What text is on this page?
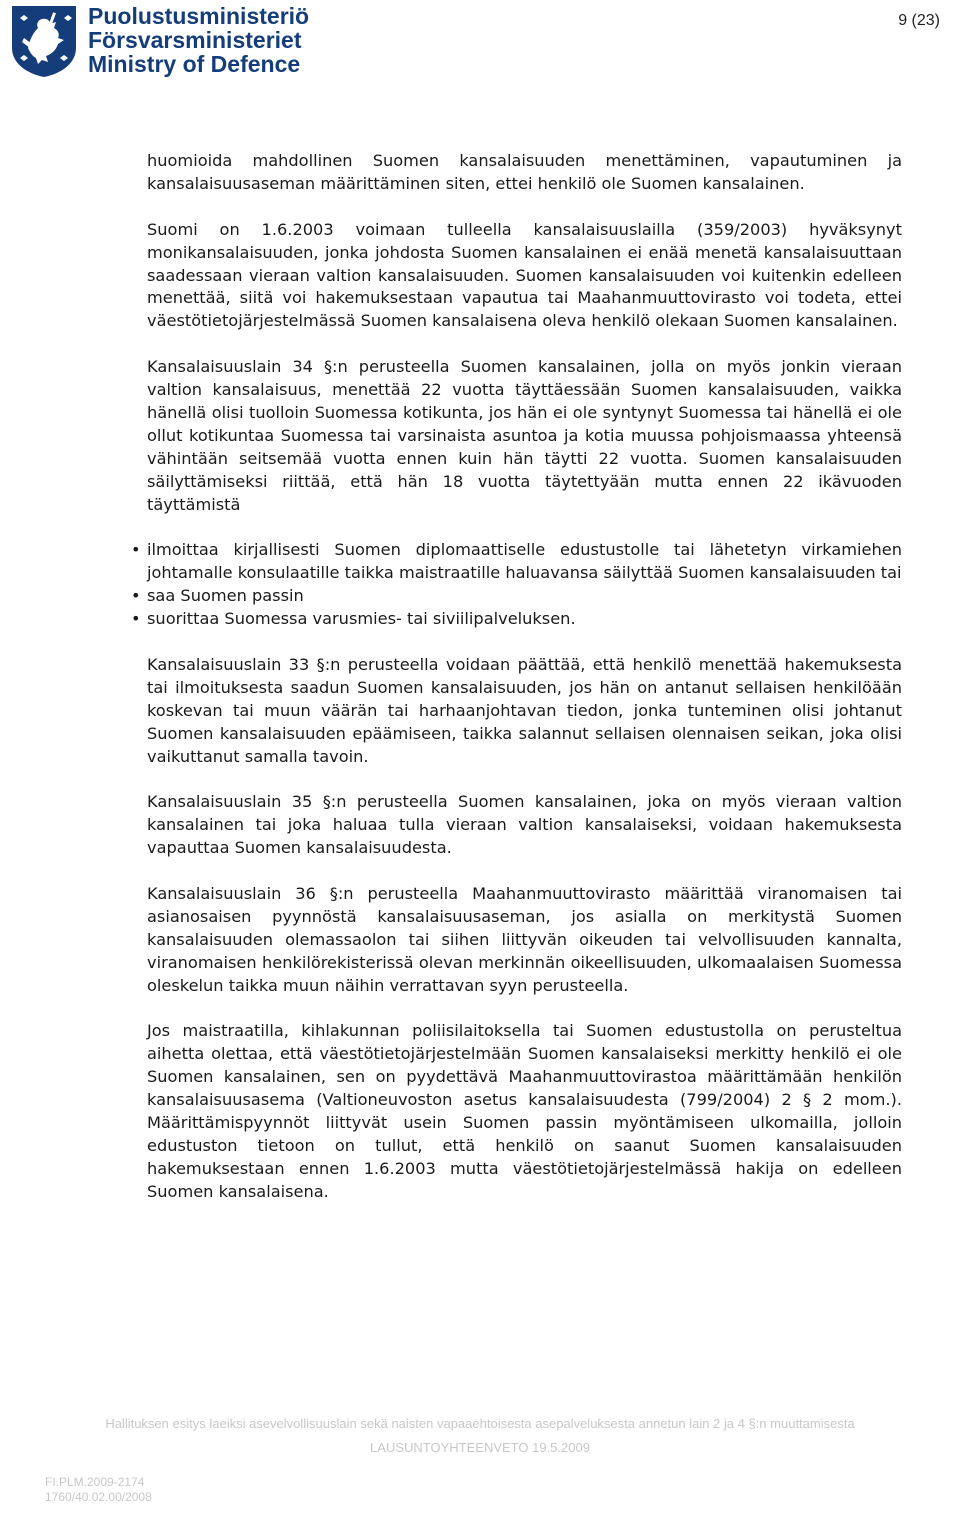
Puolustusministeriö
Försvarsministeriet
Ministry of Defence
9 (23)

huomioida mahdollinen Suomen kansalaisuuden menettäminen, vapautuminen ja kansalaisuusaseman määrittäminen siten, ettei henkilö ole Suomen kansalainen.

Suomi on 1.6.2003 voimaan tulleella kansalaisuuslailla (359/2003) hyväksynyt monikansalaisuuden, jonka johdosta Suomen kansalainen ei enää menetä kansalaisuuttaan saadessaan vieraan valtion kansalaisuuden. Suomen kansalaisuuden voi kuitenkin edelleen menettää, siitä voi hakemuksestaan vapautua tai Maahanmuuttovirasto voi todeta, ettei väestötietojärjestelmässä Suomen kansalaisena oleva henkilö olekaan Suomen kansalainen.

Kansalaisuuslain 34 §:n perusteella Suomen kansalainen, jolla on myös jonkin vieraan valtion kansalaisuus, menettää 22 vuotta täyttäessään Suomen kansalaisuuden, vaikka hänellä olisi tuolloin Suomessa kotikunta, jos hän ei ole syntynyt Suomessa tai hänellä ei ole ollut kotikuntaa Suomessa tai varsinaista asuntoa ja kotia muussa pohjoismaassa yhteensä vähintään seitsemää vuotta ennen kuin hän täytti 22 vuotta. Suomen kansalaisuuden säilyttämiseksi riittää, että hän 18 vuotta täytettyään mutta ennen 22 ikävuoden täyttämistä

• ilmoittaa kirjallisesti Suomen diplomaattiselle edustustolle tai lähetetyn virkamiehen johtamalle konsulaatille taikka maistraatille haluavansa säilyttää Suomen kansalaisuuden tai
• saa Suomen passin
• suorittaa Suomessa varusmies- tai siviilipalveluksen.

Kansalaisuuslain 33 §:n perusteella voidaan päättää, että henkilö menettää hakemuksesta tai ilmoituksesta saadun Suomen kansalaisuuden, jos hän on antanut sellaisen henkilöään koskevan tai muun väärän tai harhaanjohtavan tiedon, jonka tunteminen olisi johtanut Suomen kansalaisuuden epäämiseen, taikka salannut sellaisen olennaisen seikan, joka olisi vaikuttanut samalla tavoin.

Kansalaisuuslain 35 §:n perusteella Suomen kansalainen, joka on myös vieraan valtion kansalainen tai joka haluaa tulla vieraan valtion kansalaiseksi, voidaan hakemuksesta vapauttaa Suomen kansalaisuudesta.

Kansalaisuuslain 36 §:n perusteella Maahanmuuttovirasto määrittää viranomaisen tai asianosaisen pyynnöstä kansalaisuusaseman, jos asialla on merkitystä Suomen kansalaisuuden olemassaolon tai siihen liittyvän oikeuden tai velvollisuuden kannalta, viranomaisen henkilörekisterissä olevan merkinnän oikeellisuuden, ulkomaalaisen Suomessa oleskelun taikka muun näihin verrattavan syyn perusteella.

Jos maistraatilla, kihlakunnan poliisilaitoksella tai Suomen edustustolla on perusteltua aihetta olettaa, että väestötietojärjestelmään Suomen kansalaiseksi merkitty henkilö ei ole Suomen kansalainen, sen on pyydettävä Maahanmuuttovirastoa määrittämään henkilön kansalaisuusasema (Valtioneuvoston asetus kansalaisuudesta (799/2004) 2 § 2 mom.). Määrittämispyynnöt liittyvät usein Suomen passin myöntämiseen ulkomailla, jolloin edustuston tietoon on tullut, että henkilö on saanut Suomen kansalaisuuden hakemuksestaan ennen 1.6.2003 mutta väestötietojärjestelmässä hakija on edelleen Suomen kansalaisena.

Hallituksen esitys laeiksi asevelvollisuuslain sekä naisten vapaaehtoisesta asepalveluksesta annetun lain 2 ja 4 §:n muuttamisesta
LAUSUNTOYHTEENVETO 19.5.2009
FI.PLM.2009-2174
1760/40.02.00/2008
